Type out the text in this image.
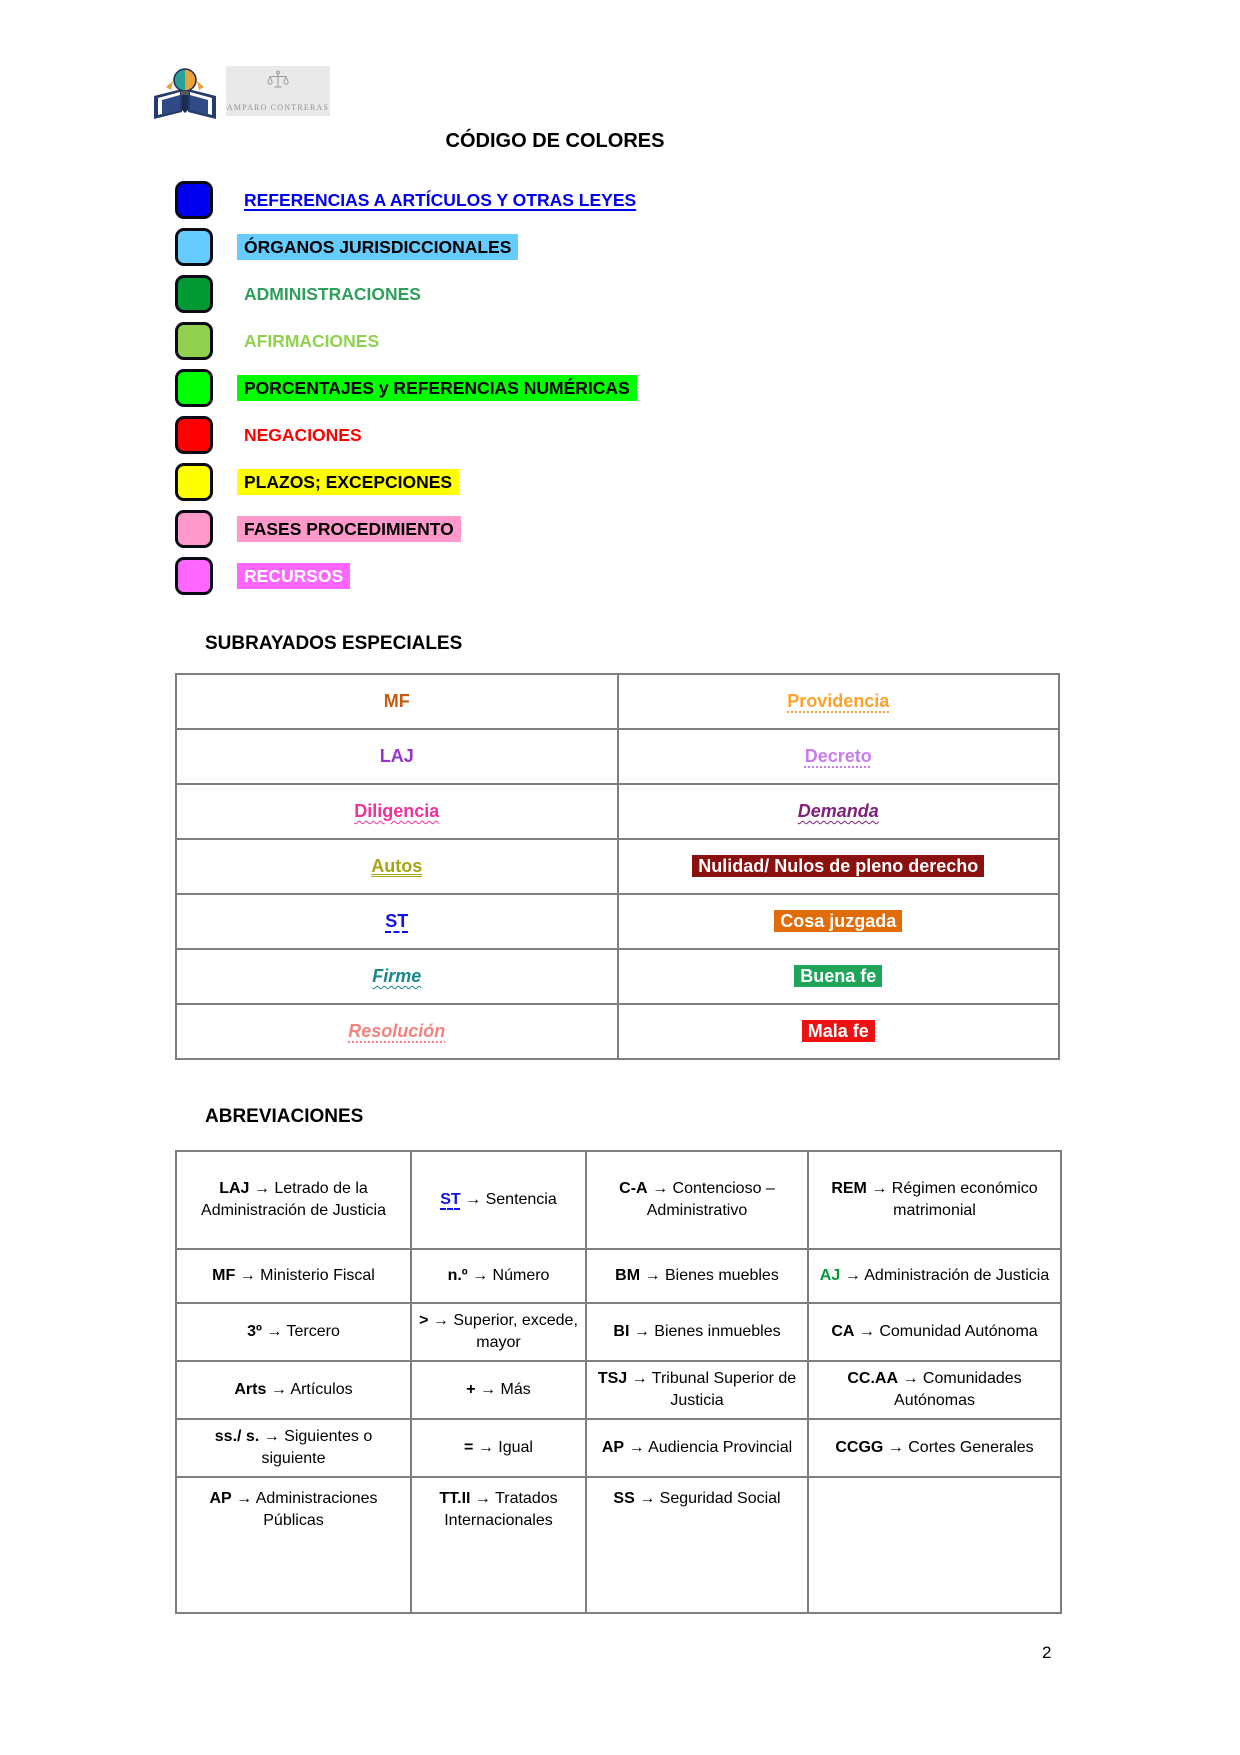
AMPARO CONTRERAS
2
CÓDIGO DE COLORES
REFERENCIAS A ARTÍCULOS Y OTRAS LEYES
ÓRGANOS JURISDICCIONALES
ADMINISTRACIONES
AFIRMACIONES
PORCENTAJES y REFERENCIAS NUMÉRICAS
NEGACIONES
PLAZOS; EXCEPCIONES
FASES PROCEDIMIENTO
RECURSOS
SUBRAYADOS ESPECIALES
MF	Providencia
LAJ	Decreto
Diligencia	Demanda
Autos	Nulidad/ Nulos de pleno derecho
ST	Cosa juzgada
Firme	Buena fe
Resolución	Mala fe
ABREVIACIONES
LAJ → Letrado de la Administración de Justicia	ST → Sentencia	C-A → Contencioso – Administrativo	REM → Régimen económico matrimonial
MF → Ministerio Fiscal	n.º → Número	BM → Bienes muebles	AJ → Administración de Justicia
3º → Tercero	> → Superior, excede, mayor	BI → Bienes inmuebles	CA → Comunidad Autónoma
Arts → Artículos	+ → Más	TSJ → Tribunal Superior de Justicia	CC.AA → Comunidades Autónomas
ss./ s. → Siguientes o siguiente	= → Igual	AP → Audiencia Provincial	CCGG → Cortes Generales
AP → Administraciones Públicas	TT.II → Tratados Internacionales	SS → Seguridad Social	
